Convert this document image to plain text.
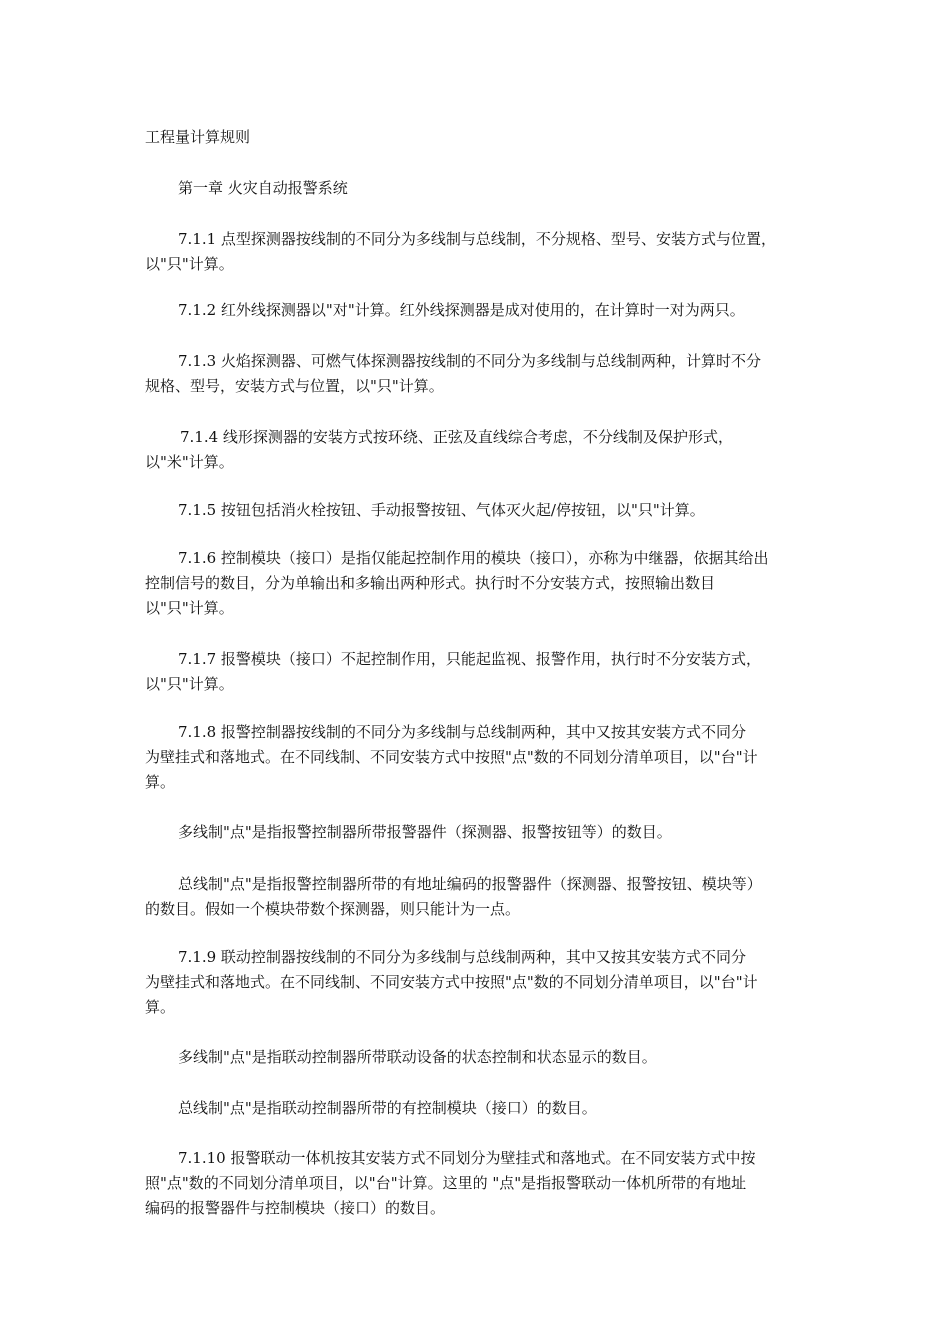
工程量计算规则
第一章 火灾自动报警系统
7.1.1 点型探测器按线制的不同分为多线制与总线制，不分规格、型号、安装方式与位置，
以"只"计算。
7.1.2 红外线探测器以"对"计算。红外线探测器是成对使用的，在计算时一对为两只。
7.1.3 火焰探测器、可燃气体探测器按线制的不同分为多线制与总线制两种，计算时不分
规格、型号，安装方式与位置，以"只"计算。
7.1.4 线形探测器的安装方式按环绕、正弦及直线综合考虑，不分线制及保护形式，
以"米"计算。
7.1.5 按钮包括消火栓按钮、手动报警按钮、气体灭火起/停按钮，以"只"计算。
7.1.6 控制模块（接口）是指仅能起控制作用的模块（接口），亦称为中继器，依据其给出
控制信号的数目，分为单输出和多输出两种形式。执行时不分安装方式，按照输出数目
以"只"计算。
7.1.7 报警模块（接口）不起控制作用，只能起监视、报警作用，执行时不分安装方式，
以"只"计算。
7.1.8 报警控制器按线制的不同分为多线制与总线制两种，其中又按其安装方式不同分
为壁挂式和落地式。在不同线制、不同安装方式中按照"点"数的不同划分清单项目，以"台"计
算。
多线制"点"是指报警控制器所带报警器件（探测器、报警按钮等）的数目。
总线制"点"是指报警控制器所带的有地址编码的报警器件（探测器、报警按钮、模块等）
的数目。假如一个模块带数个探测器，则只能计为一点。
7.1.9 联动控制器按线制的不同分为多线制与总线制两种，其中又按其安装方式不同分
为壁挂式和落地式。在不同线制、不同安装方式中按照"点"数的不同划分清单项目，以"台"计
算。
多线制"点"是指联动控制器所带联动设备的状态控制和状态显示的数目。
总线制"点"是指联动控制器所带的有控制模块（接口）的数目。
7.1.10 报警联动一体机按其安装方式不同划分为壁挂式和落地式。在不同安装方式中按
照"点"数的不同划分清单项目，以"台"计算。这里的 "点"是指报警联动一体机所带的有地址
编码的报警器件与控制模块（接口）的数目。
